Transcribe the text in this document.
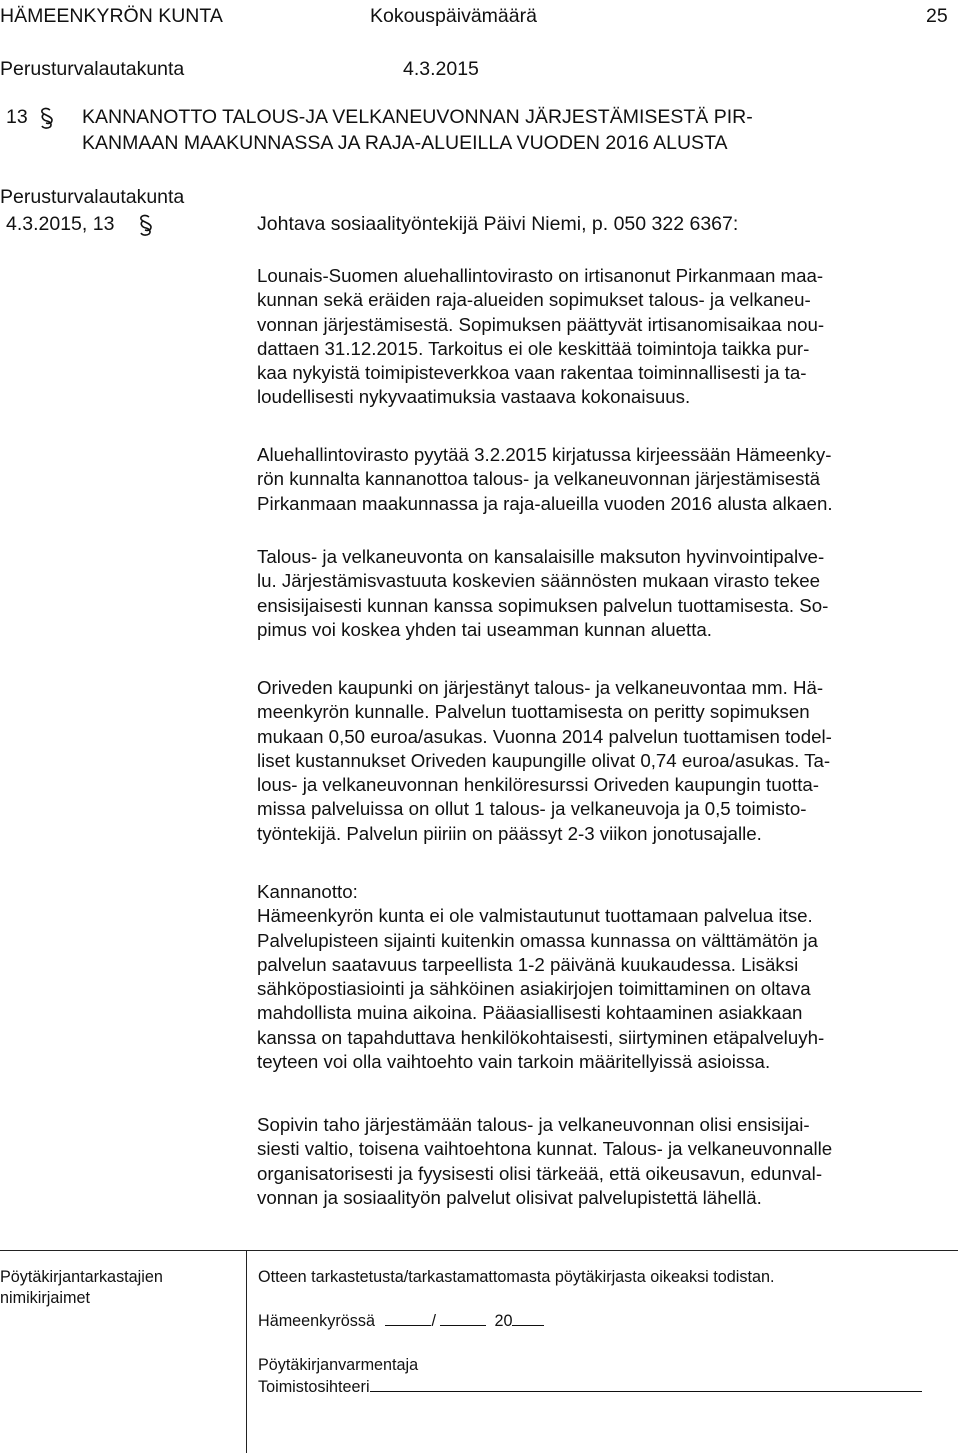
HÄMEENKYRÖN KUNTA	Kokouspäivämäärä	25
Perusturvalautakunta	4.3.2015
13	KANNANOTTO TALOUS-JA VELKANEUVONNAN JÄRJESTÄMISESTÄ PIR-
KANMAAN MAAKUNNASSA JA RAJA-ALUEILLA VUODEN 2016 ALUSTA
Perusturvalautakunta
4.3.2015, 13	Johtava sosiaalityöntekijä Päivi Niemi, p. 050 322 6367:
Lounais-Suomen aluehallintovirasto on irtisanonut Pirkanmaan maa-
kunnan sekä eräiden raja-alueiden sopimukset talous- ja velkaneu-
vonnan järjestämisestä. Sopimuksen päättyvät irtisanomisaikaa nou-
dattaen 31.12.2015. Tarkoitus ei ole keskittää toimintoja taikka pur-
kaa nykyistä toimipisteverkkoa vaan rakentaa toiminnallisesti ja ta-
loudellisesti nykyvaatimuksia vastaava kokonaisuus.
Aluehallintovirasto pyytää 3.2.2015 kirjatussa kirjeessään Hämeenky-
rön kunnalta kannanottoa talous- ja velkaneuvonnan järjestämisestä
Pirkanmaan maakunnassa ja raja-alueilla vuoden 2016 alusta alkaen.
Talous- ja velkaneuvonta on kansalaisille maksuton hyvinvointipalve-
lu. Järjestämisvastuuta koskevien säännösten mukaan virasto tekee
ensisijaisesti kunnan kanssa sopimuksen palvelun tuottamisesta. So-
pimus voi koskea yhden tai useamman kunnan aluetta.
Oriveden kaupunki on järjestänyt talous- ja velkaneuvontaa mm. Hä-
meenkyrön kunnalle. Palvelun tuottamisesta on peritty sopimuksen
mukaan 0,50 euroa/asukas. Vuonna 2014 palvelun tuottamisen todel-
liset kustannukset Oriveden kaupungille olivat 0,74 euroa/asukas. Ta-
lous- ja velkaneuvonnan henkilöresurssi Oriveden kaupungin tuotta-
missa palveluissa on ollut 1 talous- ja velkaneuvoja ja 0,5 toimisto-
työntekijä. Palvelun piiriin on päässyt 2-3 viikon jonotusajalle.
Kannanotto:
Hämeenkyrön kunta ei ole valmistautunut tuottamaan palvelua itse.
Palvelupisteen sijainti kuitenkin omassa kunnassa on välttämätön ja
palvelun saatavuus tarpeellista 1-2 päivänä kuukaudessa. Lisäksi
sähköpostiasiointi ja sähköinen asiakirjojen toimittaminen on oltava
mahdollista muina aikoina. Pääasiallisesti kohtaaminen asiakkaan
kanssa on tapahduttava henkilökohtaisesti, siirtyminen etäpalveluyh-
teyteen voi olla vaihtoehto vain tarkoin määritellyissä asioissa.
Sopivin taho järjestämään talous- ja velkaneuvonnan olisi ensisijai-
siesti valtio, toisena vaihtoehtona kunnat. Talous- ja velkaneuvonnalle
organisatorisesti ja fyysisesti olisi tärkeää, että oikeusavun, edunval-
vonnan ja sosiaalityön palvelut olisivat palvelupistettä lähellä.
Pöytäkirjantarkastajien
nimikirjaimet
Otteen tarkastetusta/tarkastamattomasta pöytäkirjasta oikeaksi todistan.
Hämeenkyrössä	/	20
Pöytäkirjanvarmentaja
Toimistosihteeri
